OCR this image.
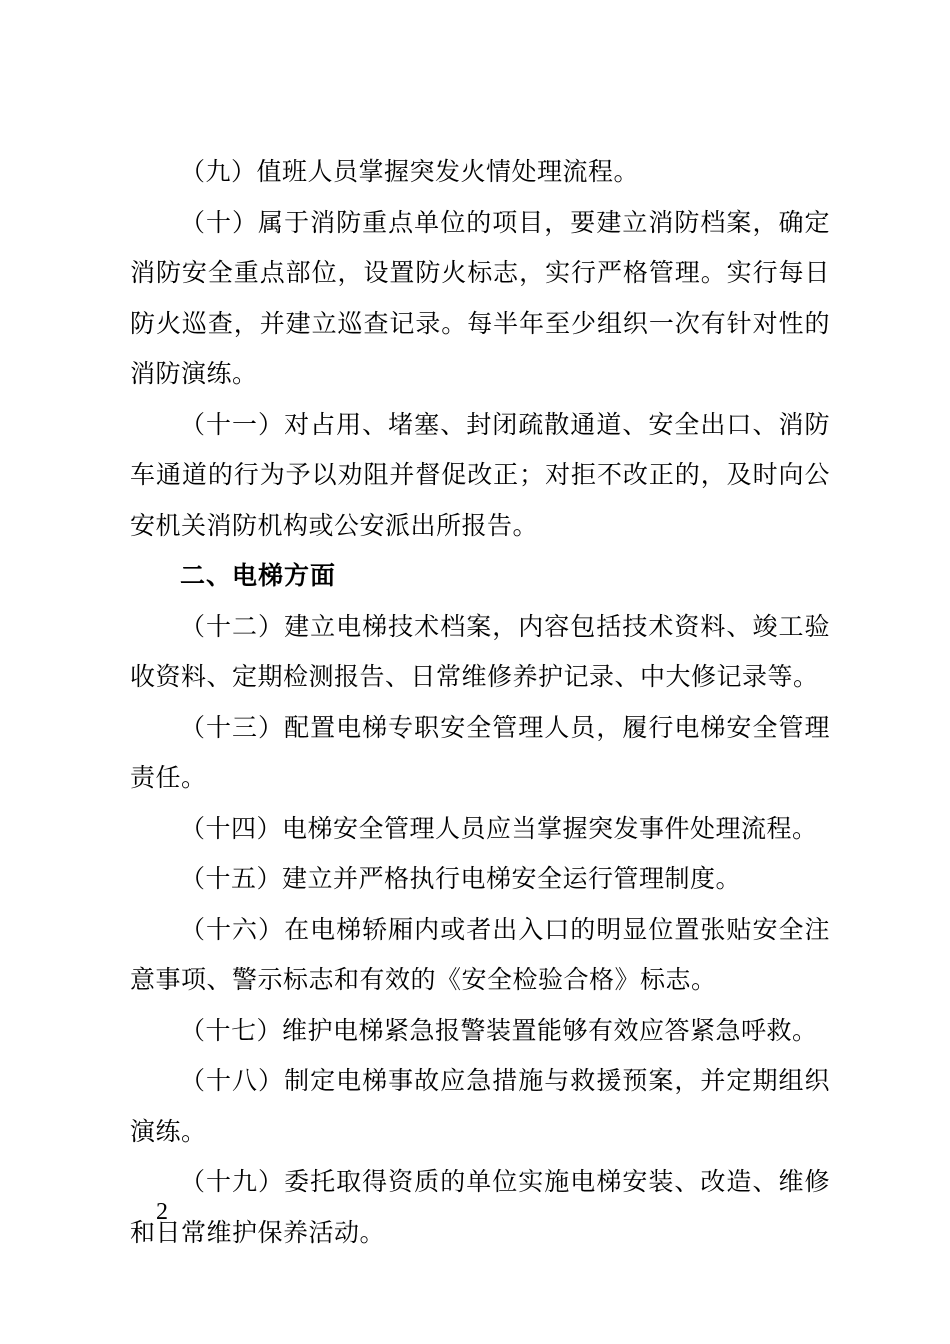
（九）值班人员掌握突发火情处理流程。

（十）属于消防重点单位的项目，要建立消防档案，确定消防安全重点部位，设置防火标志，实行严格管理。实行每日防火巡查，并建立巡查记录。每半年至少组织一次有针对性的消防演练。

（十一）对占用、堵塞、封闭疏散通道、安全出口、消防车通道的行为予以劝阻并督促改正；对拒不改正的，及时向公安机关消防机构或公安派出所报告。

二、电梯方面

（十二）建立电梯技术档案，内容包括技术资料、竣工验收资料、定期检测报告、日常维修养护记录、中大修记录等。

（十三）配置电梯专职安全管理人员，履行电梯安全管理责任。

（十四）电梯安全管理人员应当掌握突发事件处理流程。

（十五）建立并严格执行电梯安全运行管理制度。

（十六）在电梯轿厢内或者出入口的明显位置张贴安全注意事项、警示标志和有效的《安全检验合格》标志。

（十七）维护电梯紧急报警装置能够有效应答紧急呼救。

（十八）制定电梯事故应急措施与救援预案，并定期组织演练。

（十九）委托取得资质的单位实施电梯安装、改造、维修和日常维护保养活动。

2
